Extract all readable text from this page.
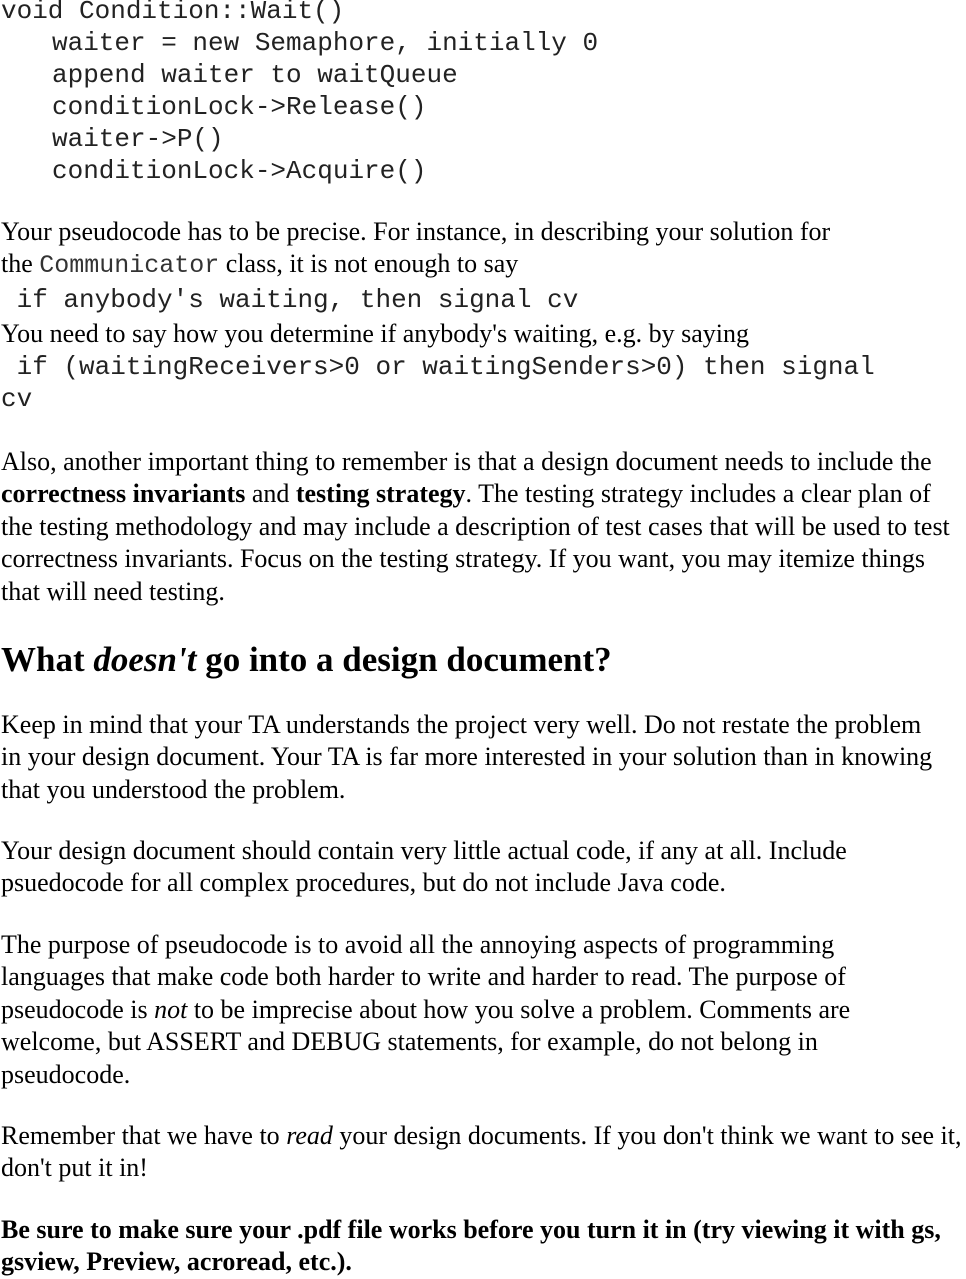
void Condition::Wait()
waiter = new Semaphore, initially 0
append waiter to waitQueue
conditionLock->Release()
waiter->P()
conditionLock->Acquire()

Your pseudocode has to be precise. For instance, in describing your solution for
the Communicator class, it is not enough to say

if anybody's waiting, then signal cv

You need to say how you determine if anybody's waiting, e.g. by saying

if (waitingReceivers>0 or waitingSenders>0) then signal
cv

Also, another important thing to remember is that a design document needs to include the correctness invariants and testing strategy. The testing strategy includes a clear plan of the testing methodology and may include a description of test cases that will be used to test correctness invariants. Focus on the testing strategy. If you want, you may itemize things that will need testing.

What doesn't go into a design document?

Keep in mind that your TA understands the project very well. Do not restate the problem in your design document. Your TA is far more interested in your solution than in knowing that you understood the problem.

Your design document should contain very little actual code, if any at all. Include psuedocode for all complex procedures, but do not include Java code.

The purpose of pseudocode is to avoid all the annoying aspects of programming languages that make code both harder to write and harder to read. The purpose of pseudocode is not to be imprecise about how you solve a problem. Comments are welcome, but ASSERT and DEBUG statements, for example, do not belong in pseudocode.

Remember that we have to read your design documents. If you don't think we want to see it, don't put it in!

Be sure to make sure your .pdf file works before you turn it in (try viewing it with gs, gsview, Preview, acroread, etc.).
